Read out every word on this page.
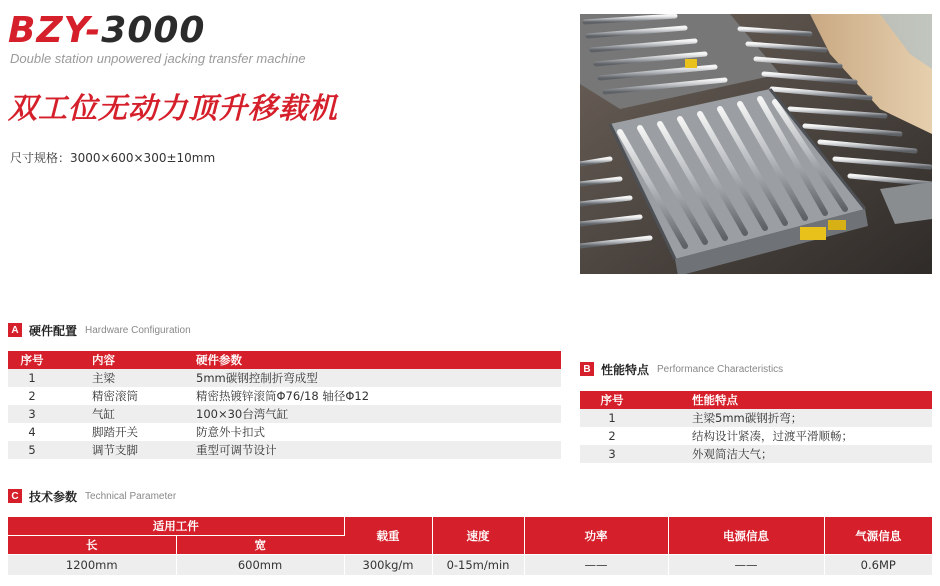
BZY-3000
Double station unpowered jacking transfer machine
双工位无动力顶升移载机
尺寸规格：3000×600×300±10mm
A 硬件配置 Hardware Configuration
序号	内容	硬件参数
1	主梁	5mm碳钢控制折弯成型
2	精密滚筒	精密热镀锌滚筒Φ76/18 轴径Φ12
3	气缸	100×30台湾气缸
4	脚踏开关	防意外卡扣式
5	调节支脚	重型可调节设计
B 性能特点 Performance Characteristics
序号	性能特点
1	主梁5mm碳钢折弯；
2	结构设计紧凑，过渡平滑顺畅；
3	外观简洁大气；
C 技术参数 Technical Parameter
适用工件		载重	速度	功率	电源信息	气源信息
长	宽					
1200mm	600mm	300kg/m	0-15m/min	——	——	0.6MP
